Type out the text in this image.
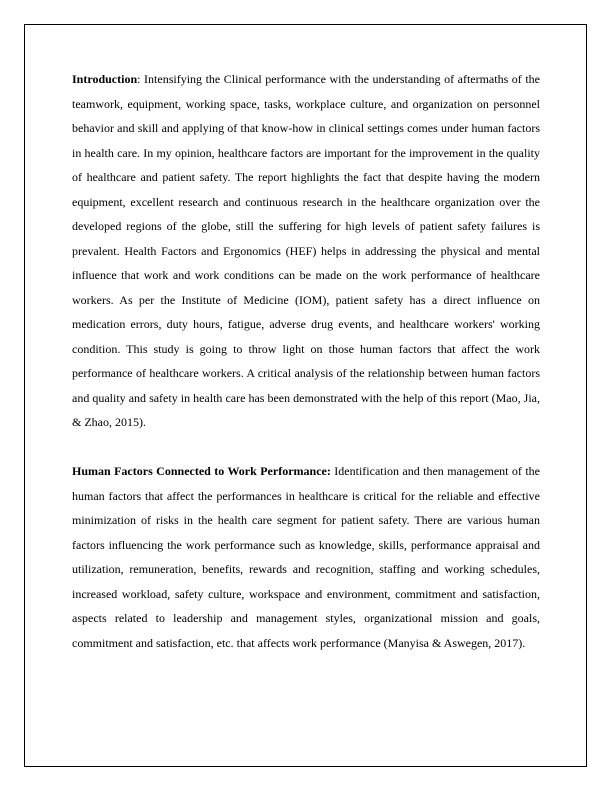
Introduction: Intensifying the Clinical performance with the understanding of aftermaths of the teamwork, equipment, working space, tasks, workplace culture, and organization on personnel behavior and skill and applying of that know-how in clinical settings comes under human factors in health care. In my opinion, healthcare factors are important for the improvement in the quality of healthcare and patient safety. The report highlights the fact that despite having the modern equipment, excellent research and continuous research in the healthcare organization over the developed regions of the globe, still the suffering for high levels of patient safety failures is prevalent. Health Factors and Ergonomics (HEF) helps in addressing the physical and mental influence that work and work conditions can be made on the work performance of healthcare workers. As per the Institute of Medicine (IOM), patient safety has a direct influence on medication errors, duty hours, fatigue, adverse drug events, and healthcare workers' working condition. This study is going to throw light on those human factors that affect the work performance of healthcare workers. A critical analysis of the relationship between human factors and quality and safety in health care has been demonstrated with the help of this report (Mao, Jia, & Zhao, 2015).

Human Factors Connected to Work Performance: Identification and then management of the human factors that affect the performances in healthcare is critical for the reliable and effective minimization of risks in the health care segment for patient safety. There are various human factors influencing the work performance such as knowledge, skills, performance appraisal and utilization, remuneration, benefits, rewards and recognition, staffing and working schedules, increased workload, safety culture, workspace and environment, commitment and satisfaction, aspects related to leadership and management styles, organizational mission and goals, commitment and satisfaction, etc. that affects work performance (Manyisa & Aswegen, 2017).
